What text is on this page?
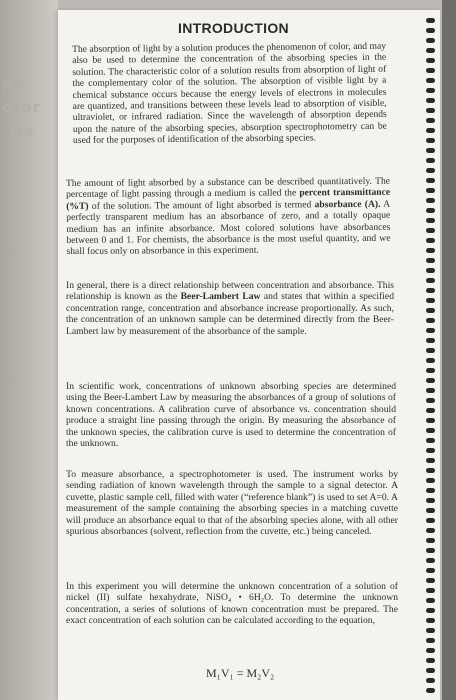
no
otor
Ha
INTRODUCTION

The absorption of light by a solution produces the phenomenon of color, and may also be used to determine the concentration of the absorbing species in the solution. The characteristic color of a solution results from absorption of light of the complementary color of the solution. The absorption of visible light by a chemical substance occurs because the energy levels of electrons in molecules are quantized, and transitions between these levels lead to absorption of visible, ultraviolet, or infrared radiation. Since the wavelength of absorption depends upon the nature of the absorbing species, absorption spectrophotometry can be used for the purposes of identification of the absorbing species.

The amount of light absorbed by a substance can be described quantitatively. The percentage of light passing through a medium is called the percent transmittance (%T) of the solution. The amount of light absorbed is termed absorbance (A). A perfectly transparent medium has an absorbance of zero, and a totally opaque medium has an infinite absorbance. Most colored solutions have absorbances between 0 and 1. For chemists, the absorbance is the most useful quantity, and we shall focus only on absorbance in this experiment.

In general, there is a direct relationship between concentration and absorbance. This relationship is known as the Beer-Lambert Law and states that within a specified concentration range, concentration and absorbance increase proportionally. As such, the concentration of an unknown sample can be determined directly from the Beer-Lambert law by measurement of the absorbance of the sample.

In scientific work, concentrations of unknown absorbing species are determined using the Beer-Lambert Law by measuring the absorbances of a group of solutions of known concentrations. A calibration curve of absorbance vs. concentration should produce a straight line passing through the origin. By measuring the absorbance of the unknown species, the calibration curve is used to determine the concentration of the unknown.

To measure absorbance, a spectrophotometer is used. The instrument works by sending radiation of known wavelength through the sample to a signal detector. A cuvette, plastic sample cell, filled with water (“reference blank”) is used to set A=0. A measurement of the sample containing the absorbing species in a matching cuvette will produce an absorbance equal to that of the absorbing species alone, with all other spurious absorbances (solvent, reflection from the cuvette, etc.) being canceled.

In this experiment you will determine the unknown concentration of a solution of nickel (II) sulfate hexahydrate, NiSO₄ • 6H₂O. To determine the unknown concentration, a series of solutions of known concentration must be prepared. The exact concentration of each solution can be calculated according to the equation,

M₁V₁ = M₂V₂
